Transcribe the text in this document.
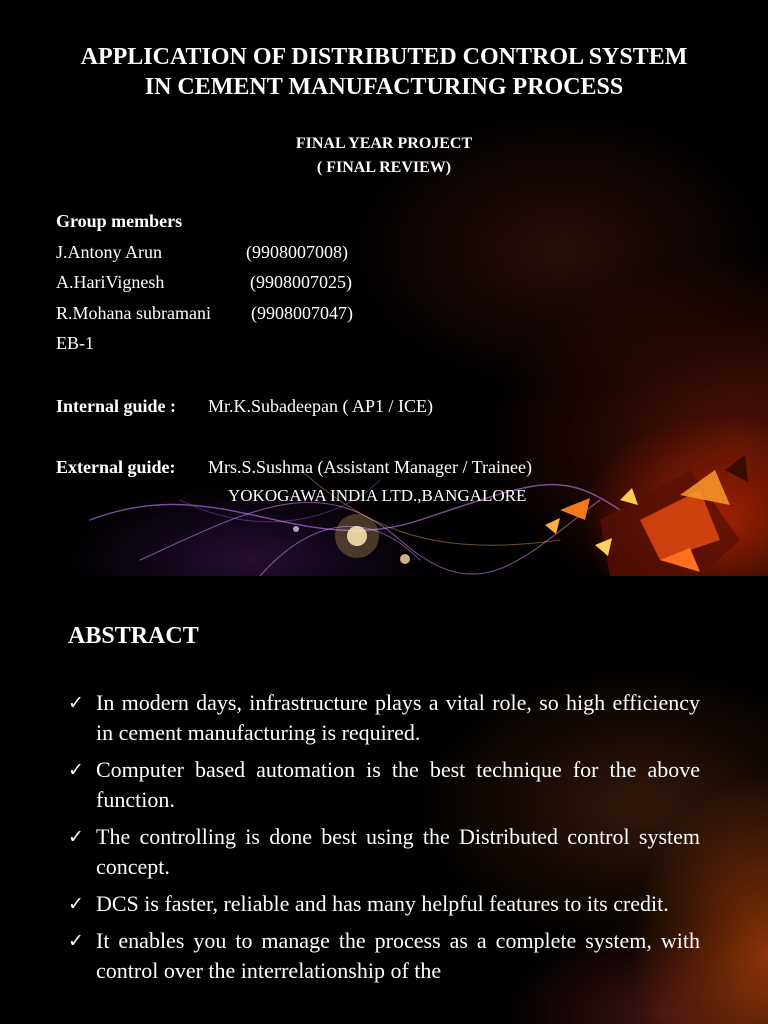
APPLICATION OF DISTRIBUTED CONTROL SYSTEM
IN CEMENT MANUFACTURING PROCESS
FINAL YEAR PROJECT
( FINAL REVIEW)
Group members
J.Antony Arun	(9908007008)
A.HariVignesh	(9908007025)
R.Mohana subramani (9908007047)
EB-1
Internal guide : Mr.K.Subadeepan ( AP1 / ICE)
External guide: Mrs.S.Sushma (Assistant Manager / Trainee)
YOKOGAWA INDIA LTD.,BANGALORE
ABSTRACT
✓ In modern days, infrastructure plays a vital role, so high efficiency in cement manufacturing is required.
✓ Computer based automation is the best technique for the above function.
✓ The controlling is done best using the Distributed control system concept.
✓ DCS is faster, reliable and has many helpful features to its credit.
✓ It enables you to manage the process as a complete system, with control over the interrelationship of the
